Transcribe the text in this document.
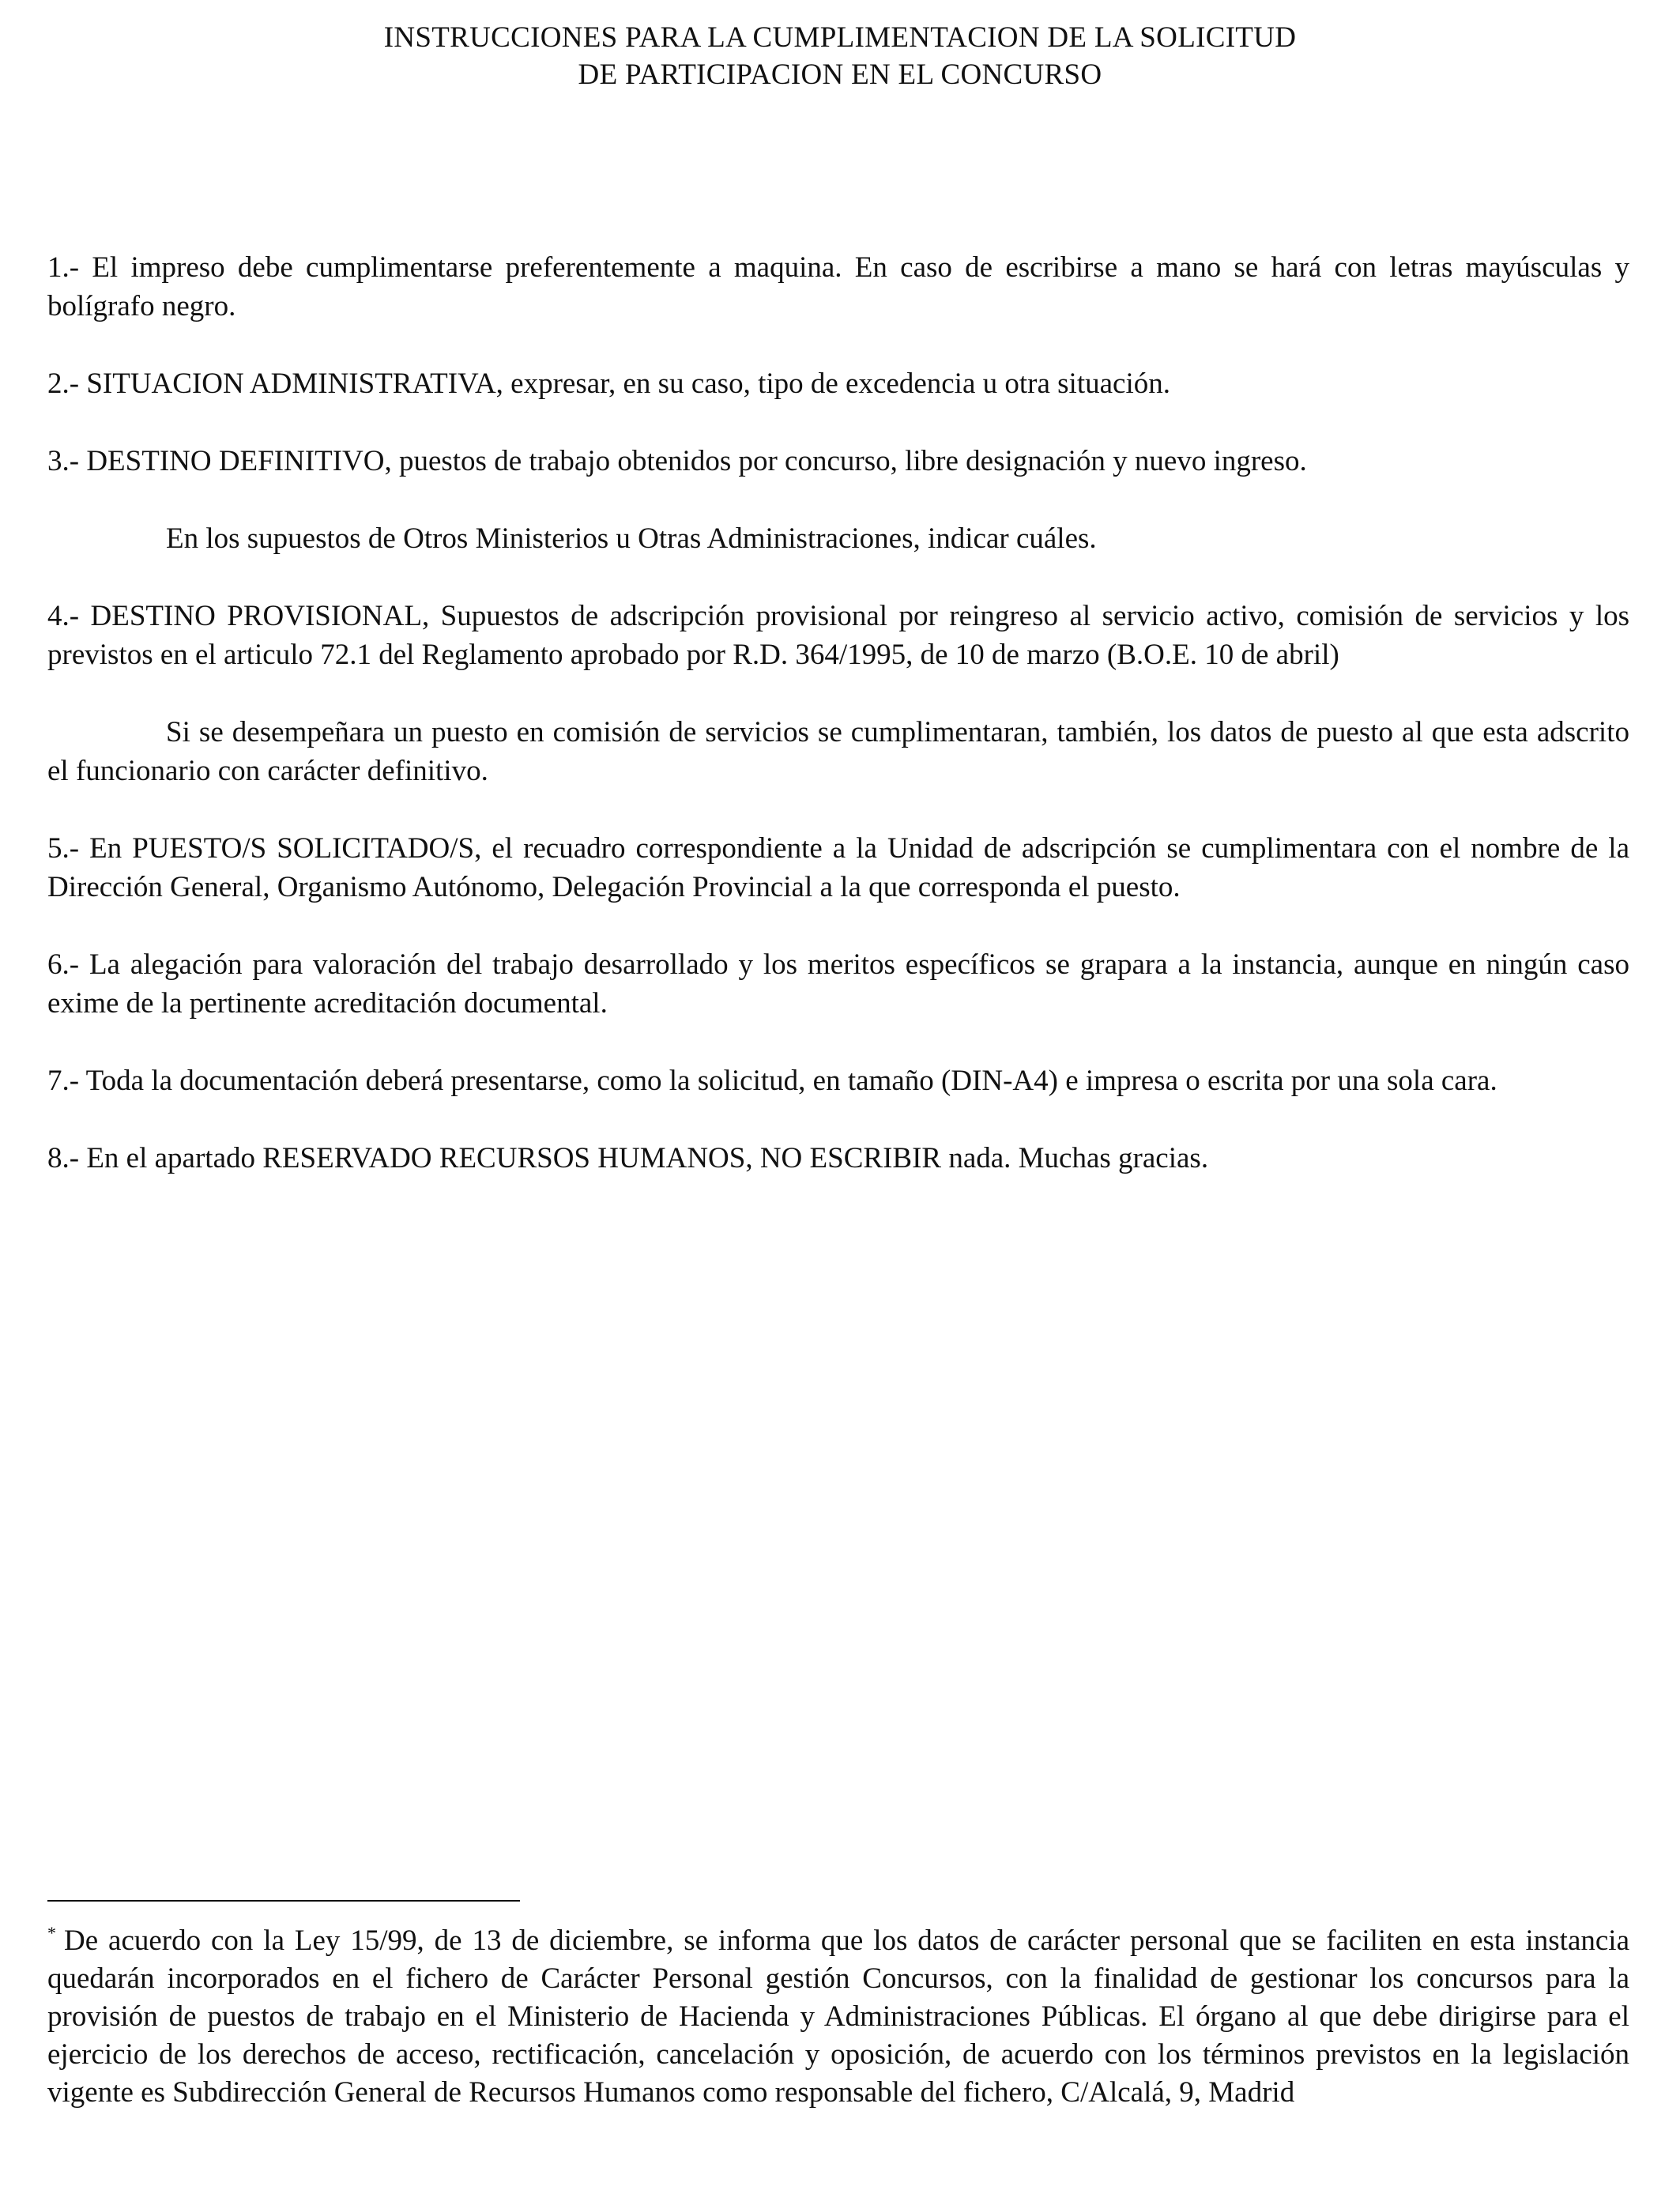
INSTRUCCIONES PARA LA CUMPLIMENTACION DE LA SOLICITUD
DE PARTICIPACION EN EL CONCURSO

1.- El impreso debe cumplimentarse preferentemente a maquina. En caso de escribirse a mano se hará con letras mayúsculas y bolígrafo negro.

2.- SITUACION ADMINISTRATIVA, expresar, en su caso, tipo de excedencia u otra situación.

3.- DESTINO DEFINITIVO, puestos de trabajo obtenidos por concurso, libre designación y nuevo ingreso.

En los supuestos de Otros Ministerios u Otras Administraciones, indicar cuáles.

4.- DESTINO PROVISIONAL, Supuestos de adscripción provisional por reingreso al servicio activo, comisión de servicios y los previstos en el articulo 72.1 del Reglamento aprobado por R.D. 364/1995, de 10 de marzo (B.O.E. 10 de abril)

Si se desempeñara un puesto en comisión de servicios se cumplimentaran, también, los datos de puesto al que esta adscrito el funcionario con carácter definitivo.

5.- En PUESTO/S SOLICITADO/S, el recuadro correspondiente a la Unidad de adscripción se cumplimentara con el nombre de la Dirección General, Organismo Autónomo, Delegación Provincial a la que corresponda el puesto.

6.- La alegación para valoración del trabajo desarrollado y los meritos específicos se grapara a la instancia, aunque en ningún caso exime de la pertinente acreditación documental.

7.- Toda la documentación deberá presentarse, como la solicitud, en tamaño (DIN-A4) e impresa o escrita por una sola cara.

8.- En el apartado RESERVADO RECURSOS HUMANOS, NO ESCRIBIR nada. Muchas gracias.

* De acuerdo con la Ley 15/99, de 13 de diciembre, se informa que los datos de carácter personal que se faciliten en esta instancia quedarán incorporados en el fichero de Carácter Personal gestión Concursos, con la finalidad de gestionar los concursos para la provisión de puestos de trabajo en el Ministerio de Hacienda y Administraciones Públicas. El órgano al que debe dirigirse para el ejercicio de los derechos de acceso, rectificación, cancelación y oposición, de acuerdo con los términos previstos en la legislación vigente es Subdirección General de Recursos Humanos como responsable del fichero, C/Alcalá, 9, Madrid
